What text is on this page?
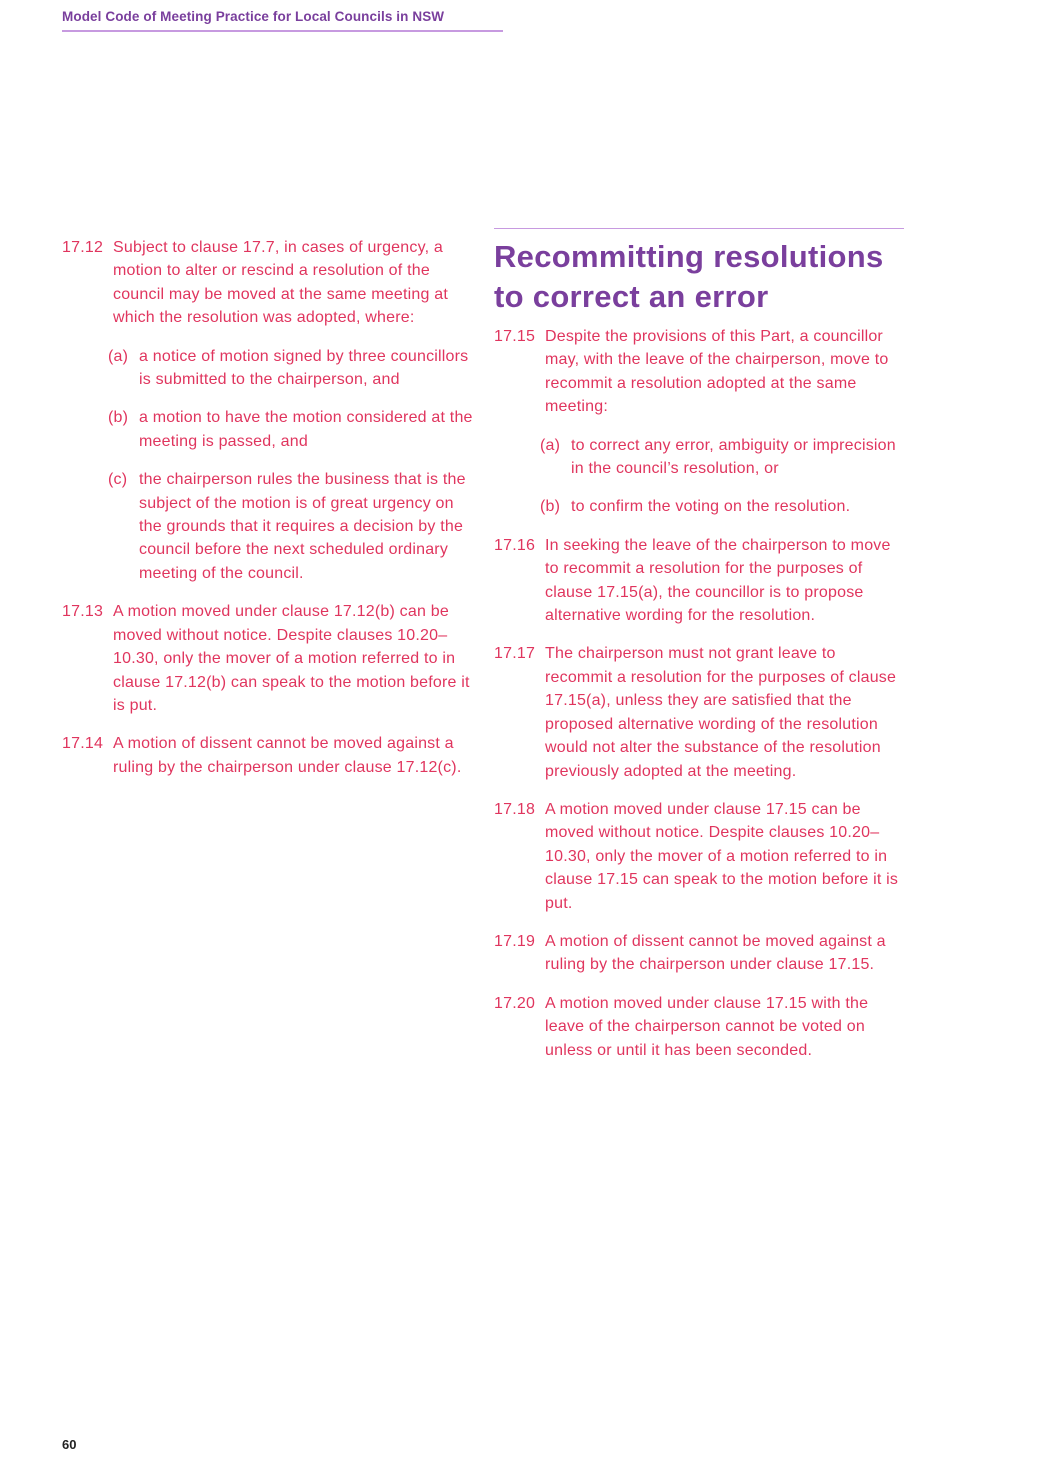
Model Code of Meeting Practice for Local Councils in NSW
17.12 Subject to clause 17.7, in cases of urgency, a motion to alter or rescind a resolution of the council may be moved at the same meeting at which the resolution was adopted, where:
(a) a notice of motion signed by three councillors is submitted to the chairperson, and
(b) a motion to have the motion considered at the meeting is passed, and
(c) the chairperson rules the business that is the subject of the motion is of great urgency on the grounds that it requires a decision by the council before the next scheduled ordinary meeting of the council.
17.13 A motion moved under clause 17.12(b) can be moved without notice. Despite clauses 10.20–10.30, only the mover of a motion referred to in clause 17.12(b) can speak to the motion before it is put.
17.14 A motion of dissent cannot be moved against a ruling by the chairperson under clause 17.12(c).
Recommitting resolutions to correct an error
17.15 Despite the provisions of this Part, a councillor may, with the leave of the chairperson, move to recommit a resolution adopted at the same meeting:
(a) to correct any error, ambiguity or imprecision in the council’s resolution, or
(b) to confirm the voting on the resolution.
17.16 In seeking the leave of the chairperson to move to recommit a resolution for the purposes of clause 17.15(a), the councillor is to propose alternative wording for the resolution.
17.17 The chairperson must not grant leave to recommit a resolution for the purposes of clause 17.15(a), unless they are satisfied that the proposed alternative wording of the resolution would not alter the substance of the resolution previously adopted at the meeting.
17.18 A motion moved under clause 17.15 can be moved without notice. Despite clauses 10.20–10.30, only the mover of a motion referred to in clause 17.15 can speak to the motion before it is put.
17.19 A motion of dissent cannot be moved against a ruling by the chairperson under clause 17.15.
17.20 A motion moved under clause 17.15 with the leave of the chairperson cannot be voted on unless or until it has been seconded.
60
